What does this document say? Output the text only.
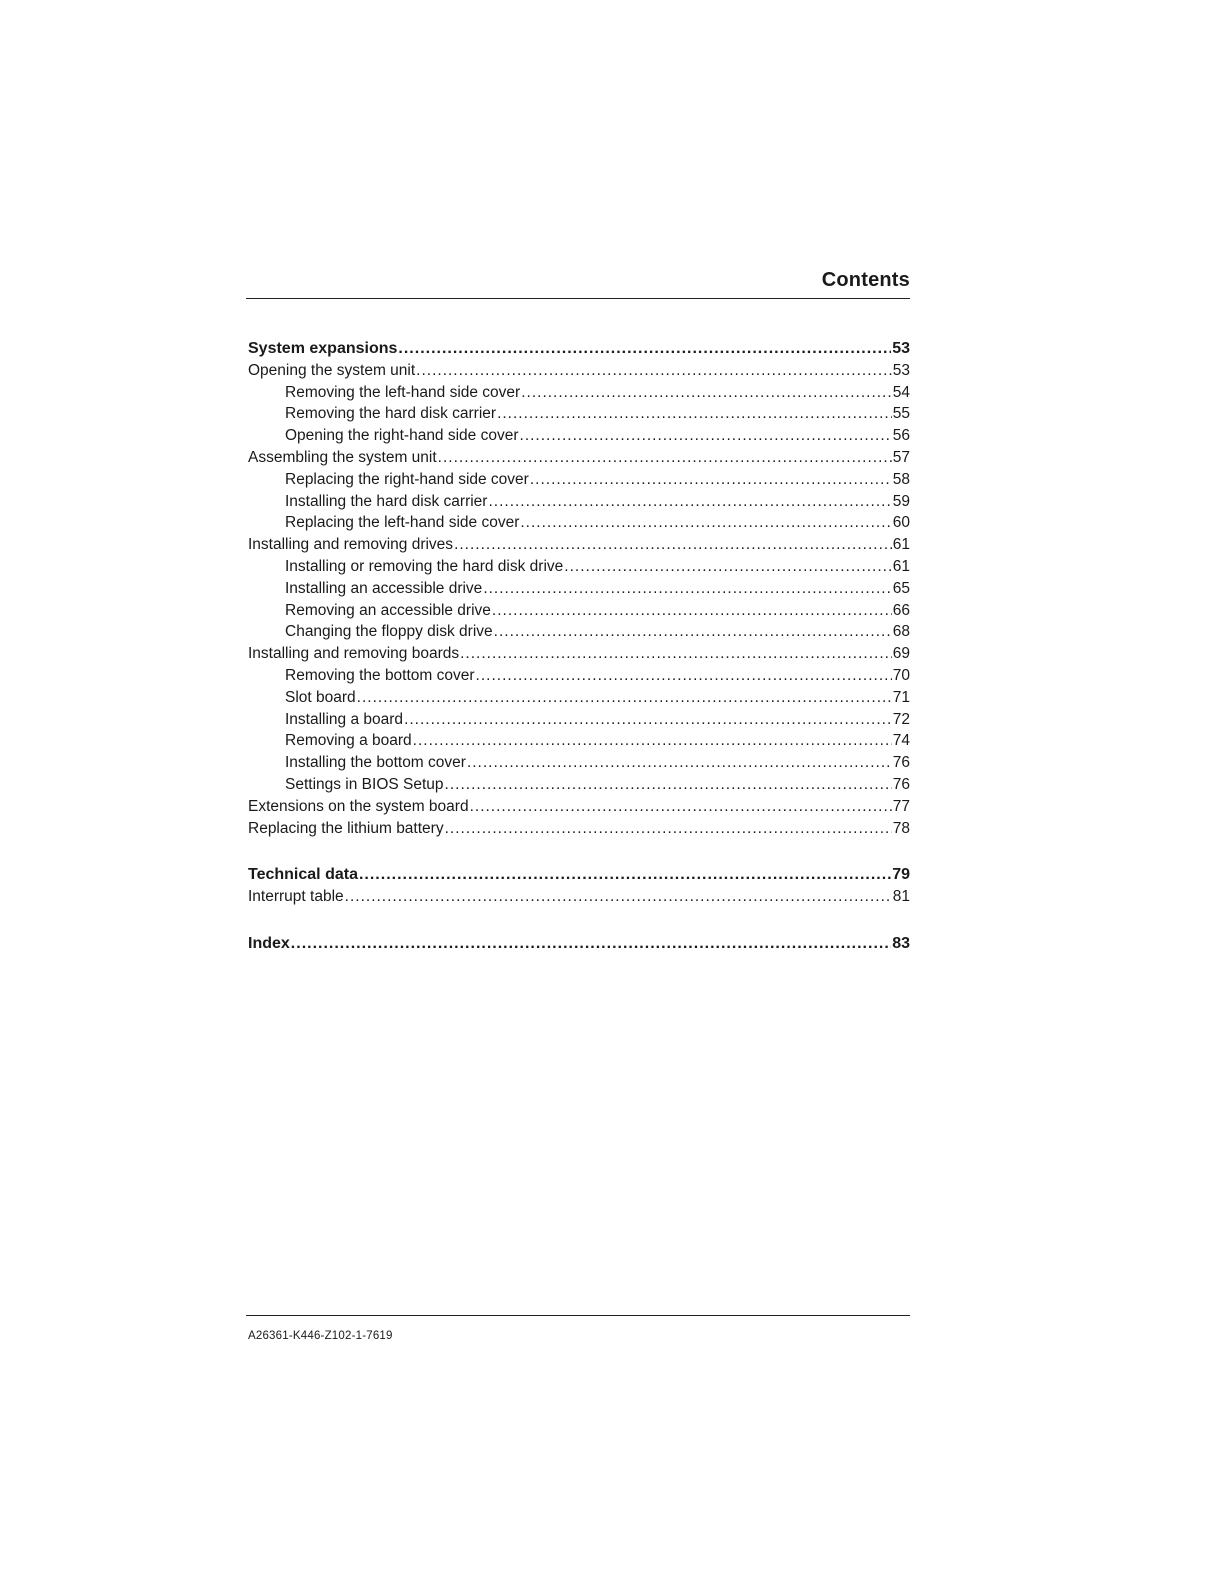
Contents
System expansions .....	53
Opening the system unit .....	53
Removing the left-hand side cover .....	54
Removing the hard disk carrier .....	55
Opening the right-hand side cover .....	56
Assembling the system unit .....	57
Replacing the right-hand side cover .....	58
Installing the hard disk carrier .....	59
Replacing the left-hand side cover .....	60
Installing and removing drives .....	61
Installing or removing the hard disk drive .....	61
Installing an accessible drive .....	65
Removing an accessible drive .....	66
Changing the floppy disk drive .....	68
Installing and removing boards .....	69
Removing the bottom cover .....	70
Slot board .....	71
Installing a board .....	72
Removing a board .....	74
Installing the bottom cover .....	76
Settings in BIOS Setup .....	76
Extensions on the system board .....	77
Replacing the lithium battery .....	78
Technical data .....	79
Interrupt table .....	81
Index .....	83
A26361-K446-Z102-1-7619
